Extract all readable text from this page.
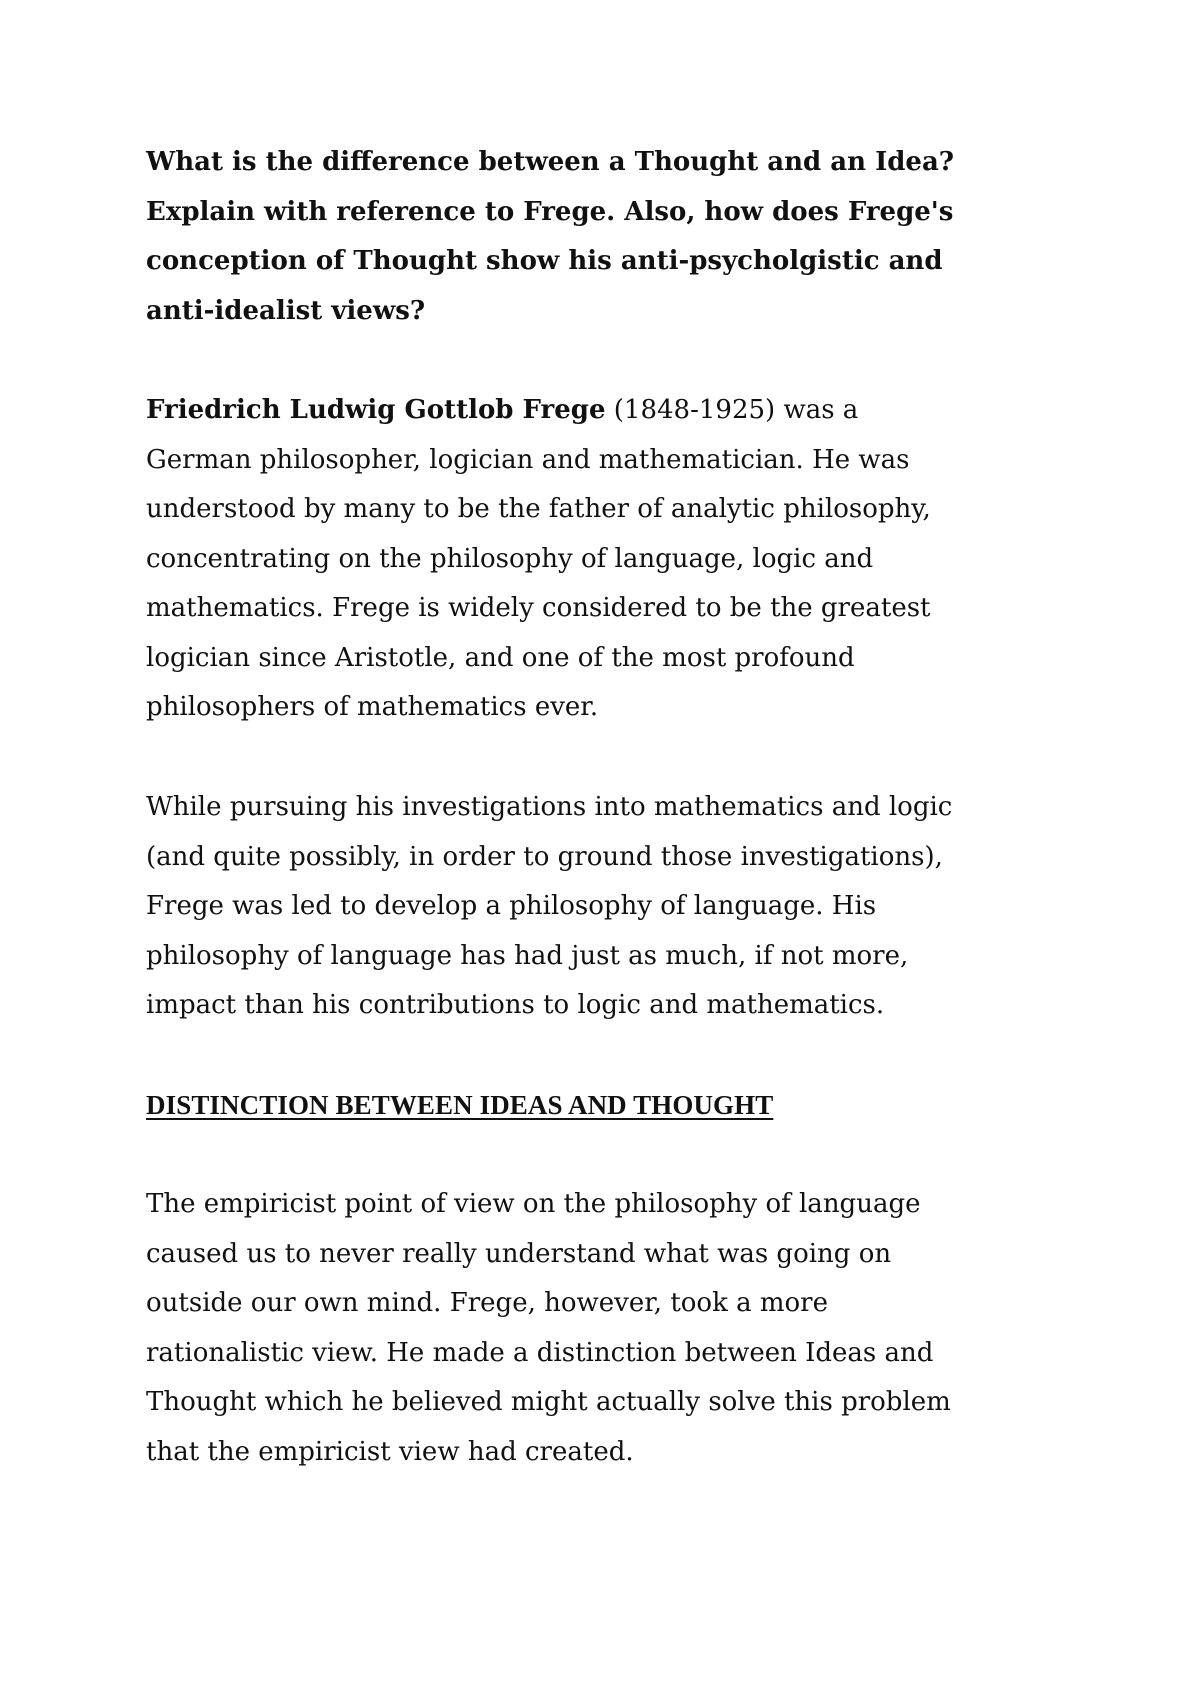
What is the difference between a Thought and an Idea?
Explain with reference to Frege. Also, how does Frege's
conception of Thought show his anti-psycholgistic and
anti-idealist views?
Friedrich Ludwig Gottlob Frege (1848-1925) was a
German philosopher, logician and mathematician. He was
understood by many to be the father of analytic philosophy,
concentrating on the philosophy of language, logic and
mathematics. Frege is widely considered to be the greatest
logician since Aristotle, and one of the most profound
philosophers of mathematics ever.
While pursuing his investigations into mathematics and logic
(and quite possibly, in order to ground those investigations),
Frege was led to develop a philosophy of language. His
philosophy of language has had just as much, if not more,
impact than his contributions to logic and mathematics.
DISTINCTION BETWEEN IDEAS AND THOUGHT
The empiricist point of view on the philosophy of language
caused us to never really understand what was going on
outside our own mind. Frege, however, took a more
rationalistic view. He made a distinction between Ideas and
Thought which he believed might actually solve this problem
that the empiricist view had created.
